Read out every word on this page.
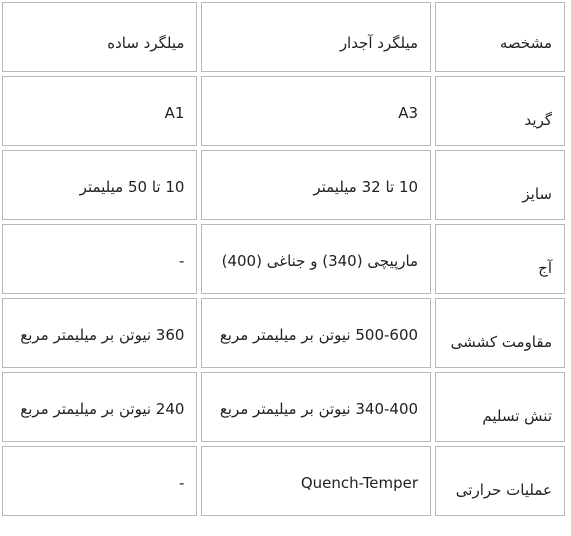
مشخصه	میلگرد آجدار	میلگرد ساده

گرید	A3	A1

سایز	10 تا 32 میلیمتر	10 تا 50 میلیمتر

آج	مارپیچی (340) و جناغی (400)	-

مقاومت کششی	500-600 نیوتن بر میلیمتر مربع	360 نیوتن بر میلیمتر مربع

تنش تسلیم	340-400 نیوتن بر میلیمتر مربع	240 نیوتن بر میلیمتر مربع

عملیات حرارتی	Quench-Temper	-
